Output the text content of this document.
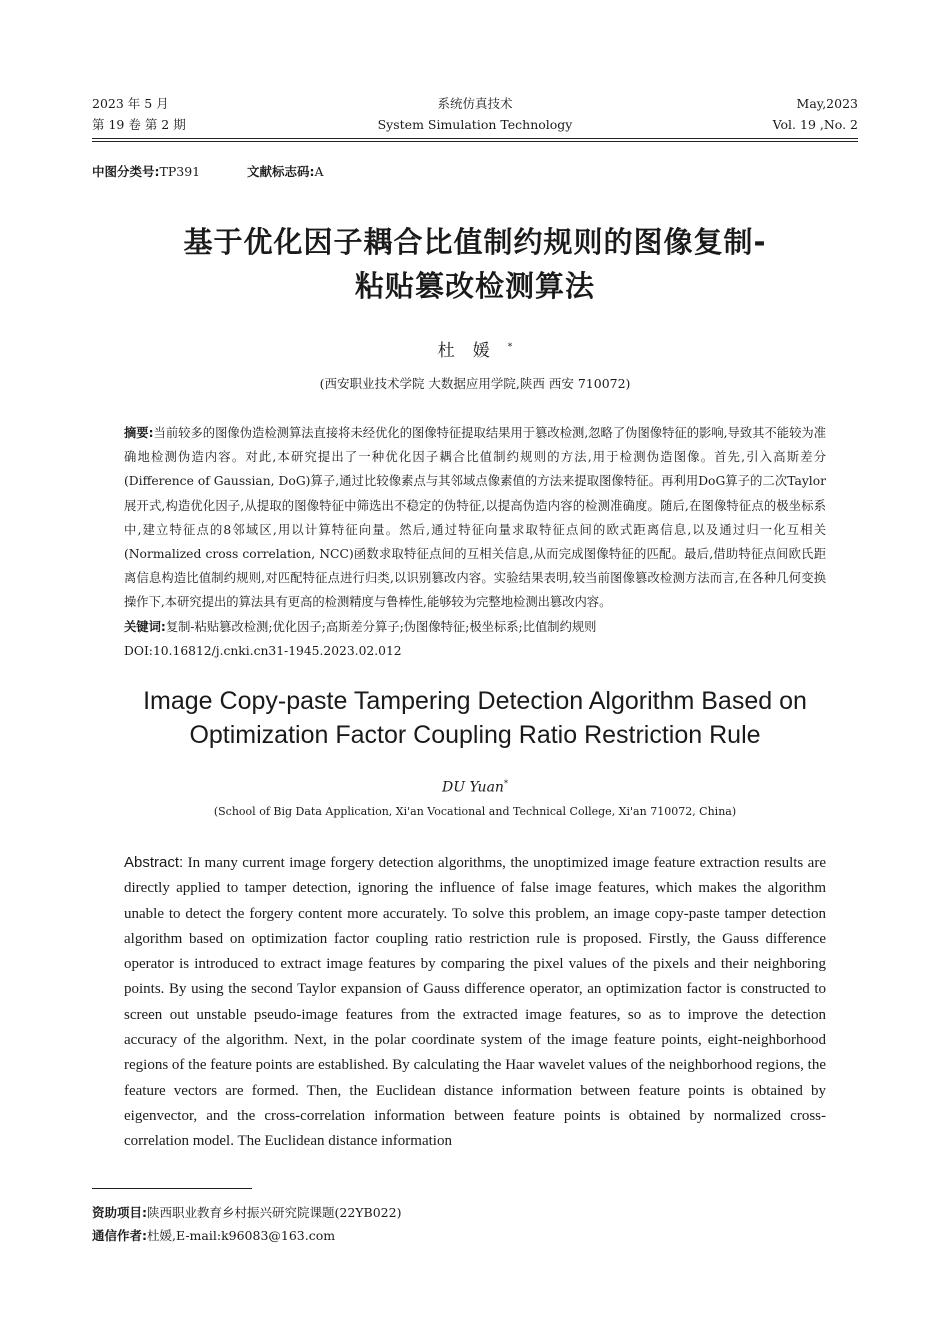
2023 年 5 月
第 19 卷 第 2 期
系统仿真技术
System Simulation Technology
May,2023
Vol. 19 ,No. 2
中图分类号:TP391	文献标志码:A
基于优化因子耦合比值制约规则的图像复制-
粘贴篡改检测算法
杜媛*
(西安职业技术学院 大数据应用学院,陕西 西安 710072)

摘要:当前较多的图像伪造检测算法直接将未经优化的图像特征提取结果用于篡改检测,忽略了伪图像特征的影响,导致其不能较为准确地检测伪造内容。对此,本研究提出了一种优化因子耦合比值制约规则的方法,用于检测伪造图像。首先,引入高斯差分(Difference of Gaussian, DoG)算子,通过比较像素点与其邻域点像素值的方法来提取图像特征。再利用DoG算子的二次Taylor展开式,构造优化因子,从提取的图像特征中筛选出不稳定的伪特征,以提高伪造内容的检测准确度。随后,在图像特征点的极坐标系中,建立特征点的8邻域区,用以计算特征向量。然后,通过特征向量求取特征点间的欧式距离信息,以及通过归一化互相关(Normalized cross correlation, NCC)函数求取特征点间的互相关信息,从而完成图像特征的匹配。最后,借助特征点间欧氏距离信息构造比值制约规则,对匹配特征点进行归类,以识别篡改内容。实验结果表明,较当前图像篡改检测方法而言,在各种几何变换操作下,本研究提出的算法具有更高的检测精度与鲁棒性,能够较为完整地检测出篡改内容。

关键词:复制-粘贴篡改检测;优化因子;高斯差分算子;伪图像特征;极坐标系;比值制约规则

DOI:10.16812/j.cnki.cn31-1945.2023.02.012

Image Copy-paste Tampering Detection Algorithm Based on
Optimization Factor Coupling Ratio Restriction Rule
DU Yuan*
(School of Big Data Application, Xi'an Vocational and Technical College, Xi'an 710072, China)
Abstract: In many current image forgery detection algorithms, the unoptimized image feature extraction results are directly applied to tamper detection, ignoring the influence of false image features, which makes the algorithm unable to detect the forgery content more accurately. To solve this problem, an image copy-paste tamper detection algorithm based on optimization factor coupling ratio restriction rule is proposed. Firstly, the Gauss difference operator is introduced to extract image features by comparing the pixel values of the pixels and their neighboring points. By using the second Taylor expansion of Gauss difference operator, an optimization factor is constructed to screen out unstable pseudo-image features from the extracted image features, so as to improve the detection accuracy of the algorithm. Next, in the polar coordinate system of the image feature points, eight-neighborhood regions of the feature points are established. By calculating the Haar wavelet values of the neighborhood regions, the feature vectors are formed. Then, the Euclidean distance information between feature points is obtained by eigenvector, and the cross-correlation information between feature points is obtained by normalized cross-correlation model. The Euclidean distance information
资助项目:陕西职业教育乡村振兴研究院课题(22YB022)
通信作者:杜媛,E-mail:k96083@163.com
